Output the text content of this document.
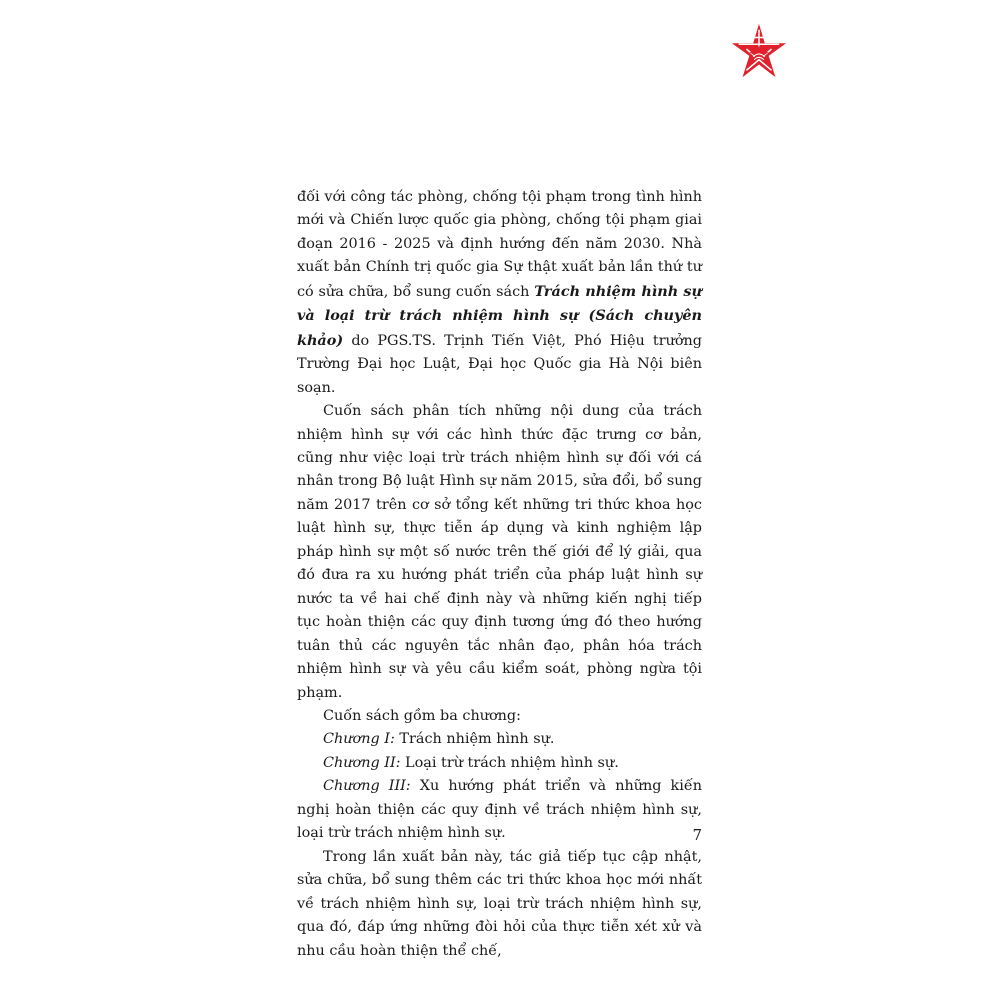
đối với công tác phòng, chống tội phạm trong tình hình mới và Chiến lược quốc gia phòng, chống tội phạm giai đoạn 2016 - 2025 và định hướng đến năm 2030. Nhà xuất bản Chính trị quốc gia Sự thật xuất bản lần thứ tư có sửa chữa, bổ sung cuốn sách Trách nhiệm hình sự và loại trừ trách nhiệm hình sự (Sách chuyên khảo) do PGS.TS. Trịnh Tiến Việt, Phó Hiệu trưởng Trường Đại học Luật, Đại học Quốc gia Hà Nội biên soạn.

Cuốn sách phân tích những nội dung của trách nhiệm hình sự với các hình thức đặc trưng cơ bản, cũng như việc loại trừ trách nhiệm hình sự đối với cá nhân trong Bộ luật Hình sự năm 2015, sửa đổi, bổ sung năm 2017 trên cơ sở tổng kết những tri thức khoa học luật hình sự, thực tiễn áp dụng và kinh nghiệm lập pháp hình sự một số nước trên thế giới để lý giải, qua đó đưa ra xu hướng phát triển của pháp luật hình sự nước ta về hai chế định này và những kiến nghị tiếp tục hoàn thiện các quy định tương ứng đó theo hướng tuân thủ các nguyên tắc nhân đạo, phân hóa trách nhiệm hình sự và yêu cầu kiểm soát, phòng ngừa tội phạm.

Cuốn sách gồm ba chương:

Chương I: Trách nhiệm hình sự.

Chương II: Loại trừ trách nhiệm hình sự.

Chương III: Xu hướng phát triển và những kiến nghị hoàn thiện các quy định về trách nhiệm hình sự, loại trừ trách nhiệm hình sự.

Trong lần xuất bản này, tác giả tiếp tục cập nhật, sửa chữa, bổ sung thêm các tri thức khoa học mới nhất về trách nhiệm hình sự, loại trừ trách nhiệm hình sự, qua đó, đáp ứng những đòi hỏi của thực tiễn xét xử và nhu cầu hoàn thiện thể chế,

7
